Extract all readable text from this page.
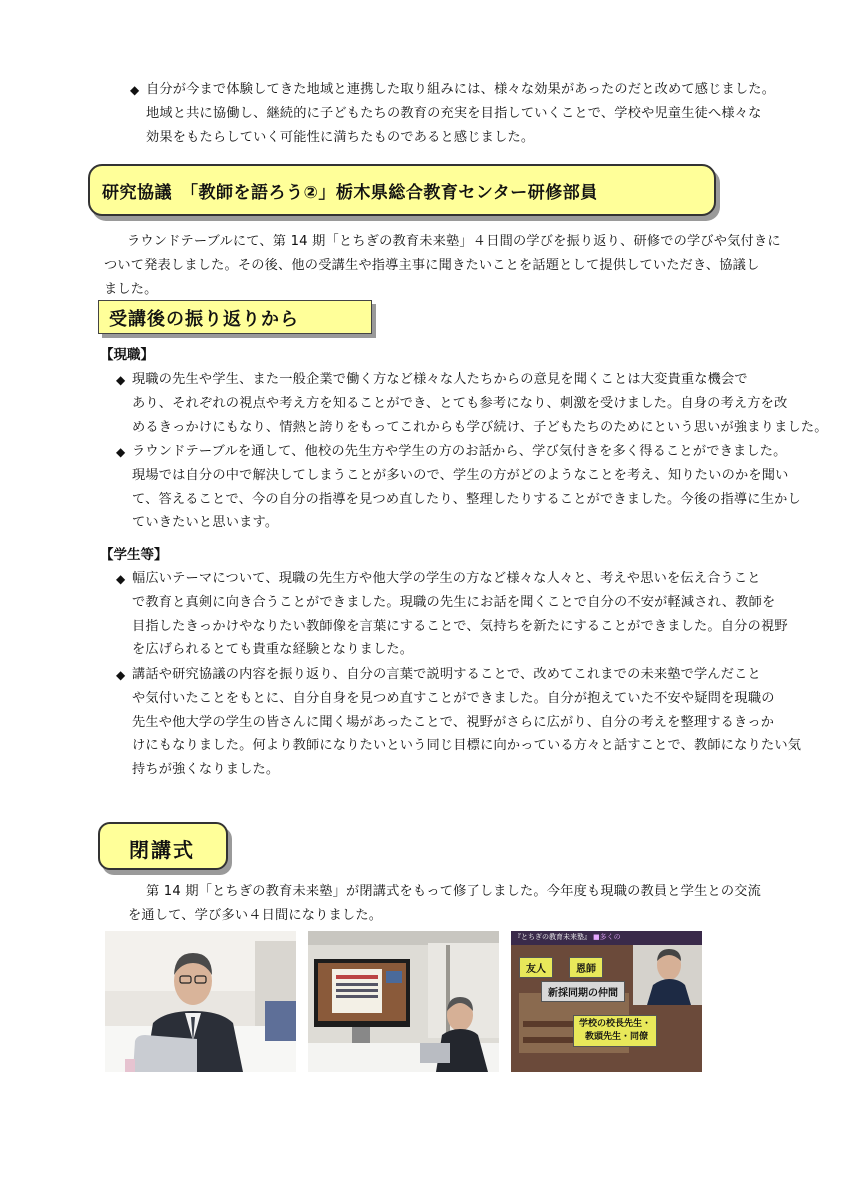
◆ 自分が今まで体験してきた地域と連携した取り組みには、様々な効果があったのだと改めて感じました。
地域と共に協働し、継続的に子どもたちの教育の充実を目指していくことで、学校や児童生徒へ様々な
効果をもたらしていく可能性に満ちたものであると感じました。
研究協議　「教師を語ろう②」栃木県総合教育センター研修部員
ラウンドテーブルにて、第 14 期「とちぎの教育未来塾」４日間の学びを振り返り、研修での学びや気付きに
ついて発表しました。その後、他の受講生や指導主事に聞きたいことを話題として提供していただき、協議し
ました。
受講後の振り返りから
【現職】
◆ 現職の先生や学生、また一般企業で働く方など様々な人たちからの意見を聞くことは大変貴重な機会で
あり、それぞれの視点や考え方を知ることができ、とても参考になり、刺激を受けました。自身の考え方を改
めるきっかけにもなり、情熱と誇りをもってこれからも学び続け、子どもたちのためにという思いが強まりました。
◆ ラウンドテーブルを通して、他校の先生方や学生の方のお話から、学び気付きを多く得ることができました。
現場では自分の中で解決してしまうことが多いので、学生の方がどのようなことを考え、知りたいのかを聞い
て、答えることで、今の自分の指導を見つめ直したり、整理したりすることができました。今後の指導に生かし
ていきたいと思います。
【学生等】
◆ 幅広いテーマについて、現職の先生方や他大学の学生の方など様々な人々と、考えや思いを伝え合うこと
で教育と真剣に向き合うことができました。現職の先生にお話を聞くことで自分の不安が軽減され、教師を
目指したきっかけやなりたい教師像を言葉にすることで、気持ちを新たにすることができました。自分の視野
を広げられるとても貴重な経験となりました。
◆ 講話や研究協議の内容を振り返り、自分の言葉で説明することで、改めてこれまでの未来塾で学んだこと
や気付いたことをもとに、自分自身を見つめ直すことができました。自分が抱えていた不安や疑問を現職の
先生や他大学の学生の皆さんに聞く場があったことで、視野がさらに広がり、自分の考えを整理するきっか
けにもなりました。何より教師になりたいという同じ目標に向かっている方々と話すことで、教師になりたい気
持ちが強くなりました。
閉講式
第 14 期「とちぎの教育未来塾」が閉講式をもって修了しました。今年度も現職の教員と学生との交流
を通して、学び多い４日間になりました。
『とちぎの教育未来塾』 ■多くの
友人	恩師
新採同期の仲間
学校の校長先生・
教頭先生・同僚
